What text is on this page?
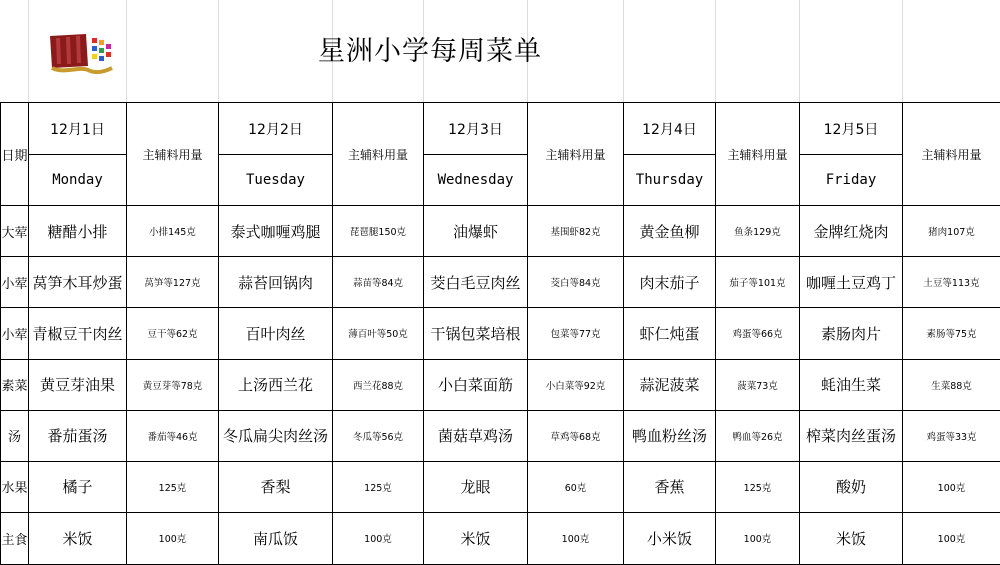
星洲小学每周菜单
日期	12月1日	主辅料用量	12月2日	主辅料用量	12月3日	主辅料用量	12月4日	主辅料用量	12月5日	主辅料用量
	Monday		Tuesday		Wednesday		Thursday		Friday	
大荤	糖醋小排	小排145克	泰式咖喱鸡腿	琵琶腿150克	油爆虾	基围虾82克	黄金鱼柳	鱼条129克	金牌红烧肉	猪肉107克
小荤	莴笋木耳炒蛋	莴笋等127克	蒜苔回锅肉	蒜苗等84克	茭白毛豆肉丝	茭白等84克	肉末茄子	茄子等101克	咖喱土豆鸡丁	土豆等113克
小荤	青椒豆干肉丝	豆干等62克	百叶肉丝	薄百叶等50克	干锅包菜培根	包菜等77克	虾仁炖蛋	鸡蛋等66克	素肠肉片	素肠等75克
素菜	黄豆芽油果	黄豆芽等78克	上汤西兰花	西兰花88克	小白菜面筋	小白菜等92克	蒜泥菠菜	菠菜73克	蚝油生菜	生菜88克
汤	番茄蛋汤	番茄等46克	冬瓜扁尖肉丝汤	冬瓜等56克	菌菇草鸡汤	草鸡等68克	鸭血粉丝汤	鸭血等26克	榨菜肉丝蛋汤	鸡蛋等33克
水果	橘子	125克	香梨	125克	龙眼	60克	香蕉	125克	酸奶	100克
主食	米饭	100克	南瓜饭	100克	米饭	100克	小米饭	100克	米饭	100克
